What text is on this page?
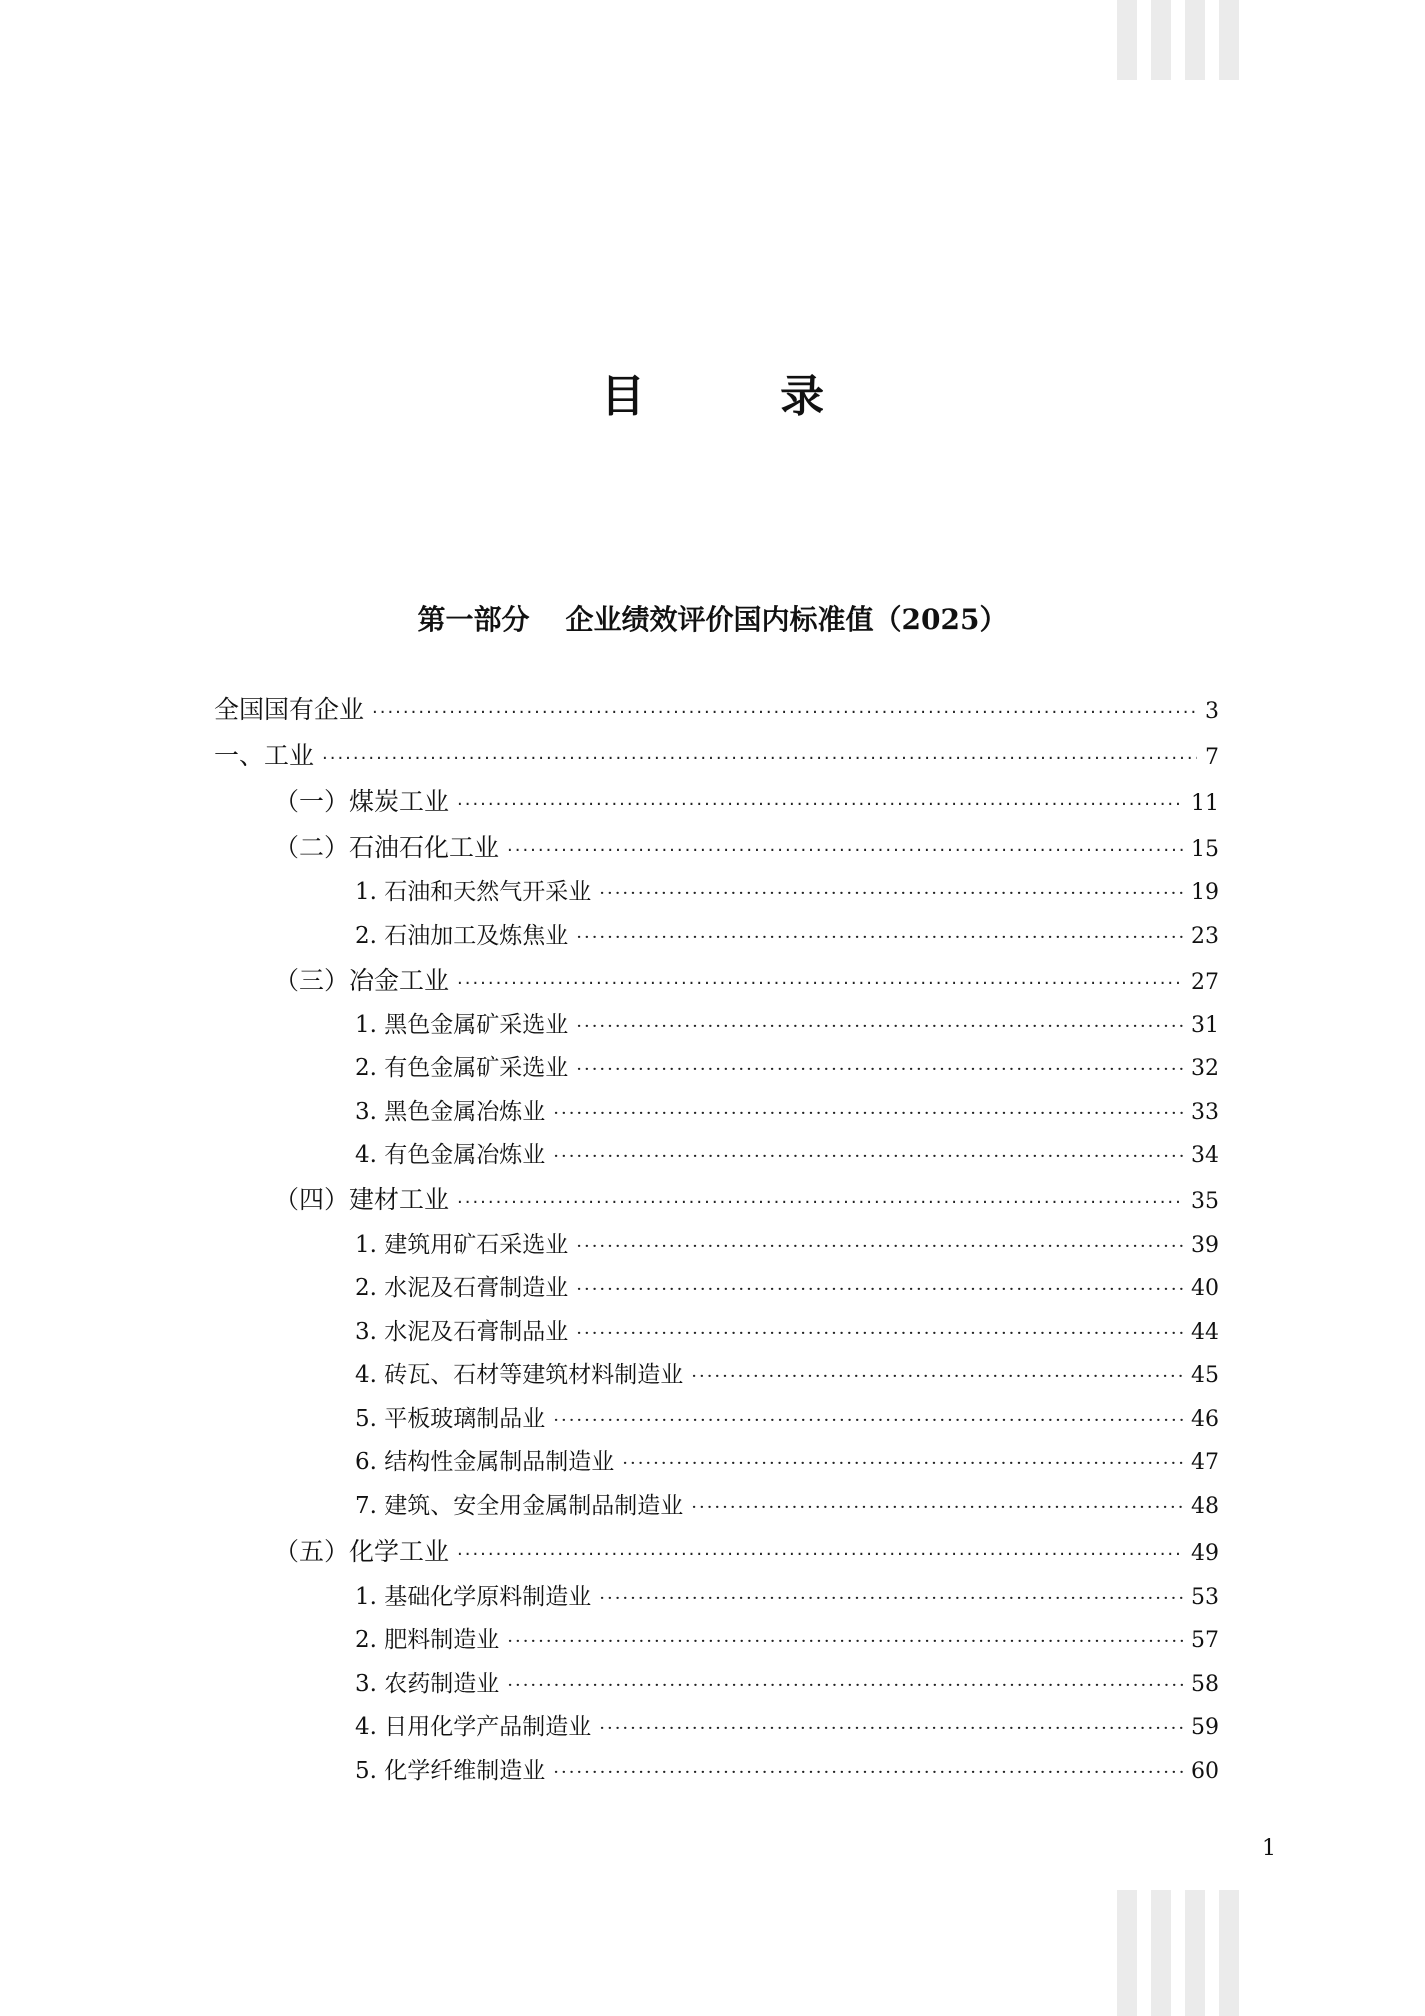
目 录
第一部分 企业绩效评价国内标准值（2025）
全国国有企业 ·····	3
一、工业 ·····	7
（一）煤炭工业 ·····	11
（二）石油石化工业 ·····	15
1. 石油和天然气开采业 ·····	19
2. 石油加工及炼焦业 ·····	23
（三）冶金工业 ·····	27
1. 黑色金属矿采选业 ·····	31
2. 有色金属矿采选业 ·····	32
3. 黑色金属冶炼业 ·····	33
4. 有色金属冶炼业 ·····	34
（四）建材工业 ·····	35
1. 建筑用矿石采选业 ·····	39
2. 水泥及石膏制造业 ·····	40
3. 水泥及石膏制品业 ·····	44
4. 砖瓦、石材等建筑材料制造业 ·····	45
5. 平板玻璃制品业 ·····	46
6. 结构性金属制品制造业 ·····	47
7. 建筑、安全用金属制品制造业 ·····	48
（五）化学工业 ·····	49
1. 基础化学原料制造业 ·····	53
2. 肥料制造业 ·····	57
3. 农药制造业 ·····	58
4. 日用化学产品制造业 ·····	59
5. 化学纤维制造业 ·····	60
1
